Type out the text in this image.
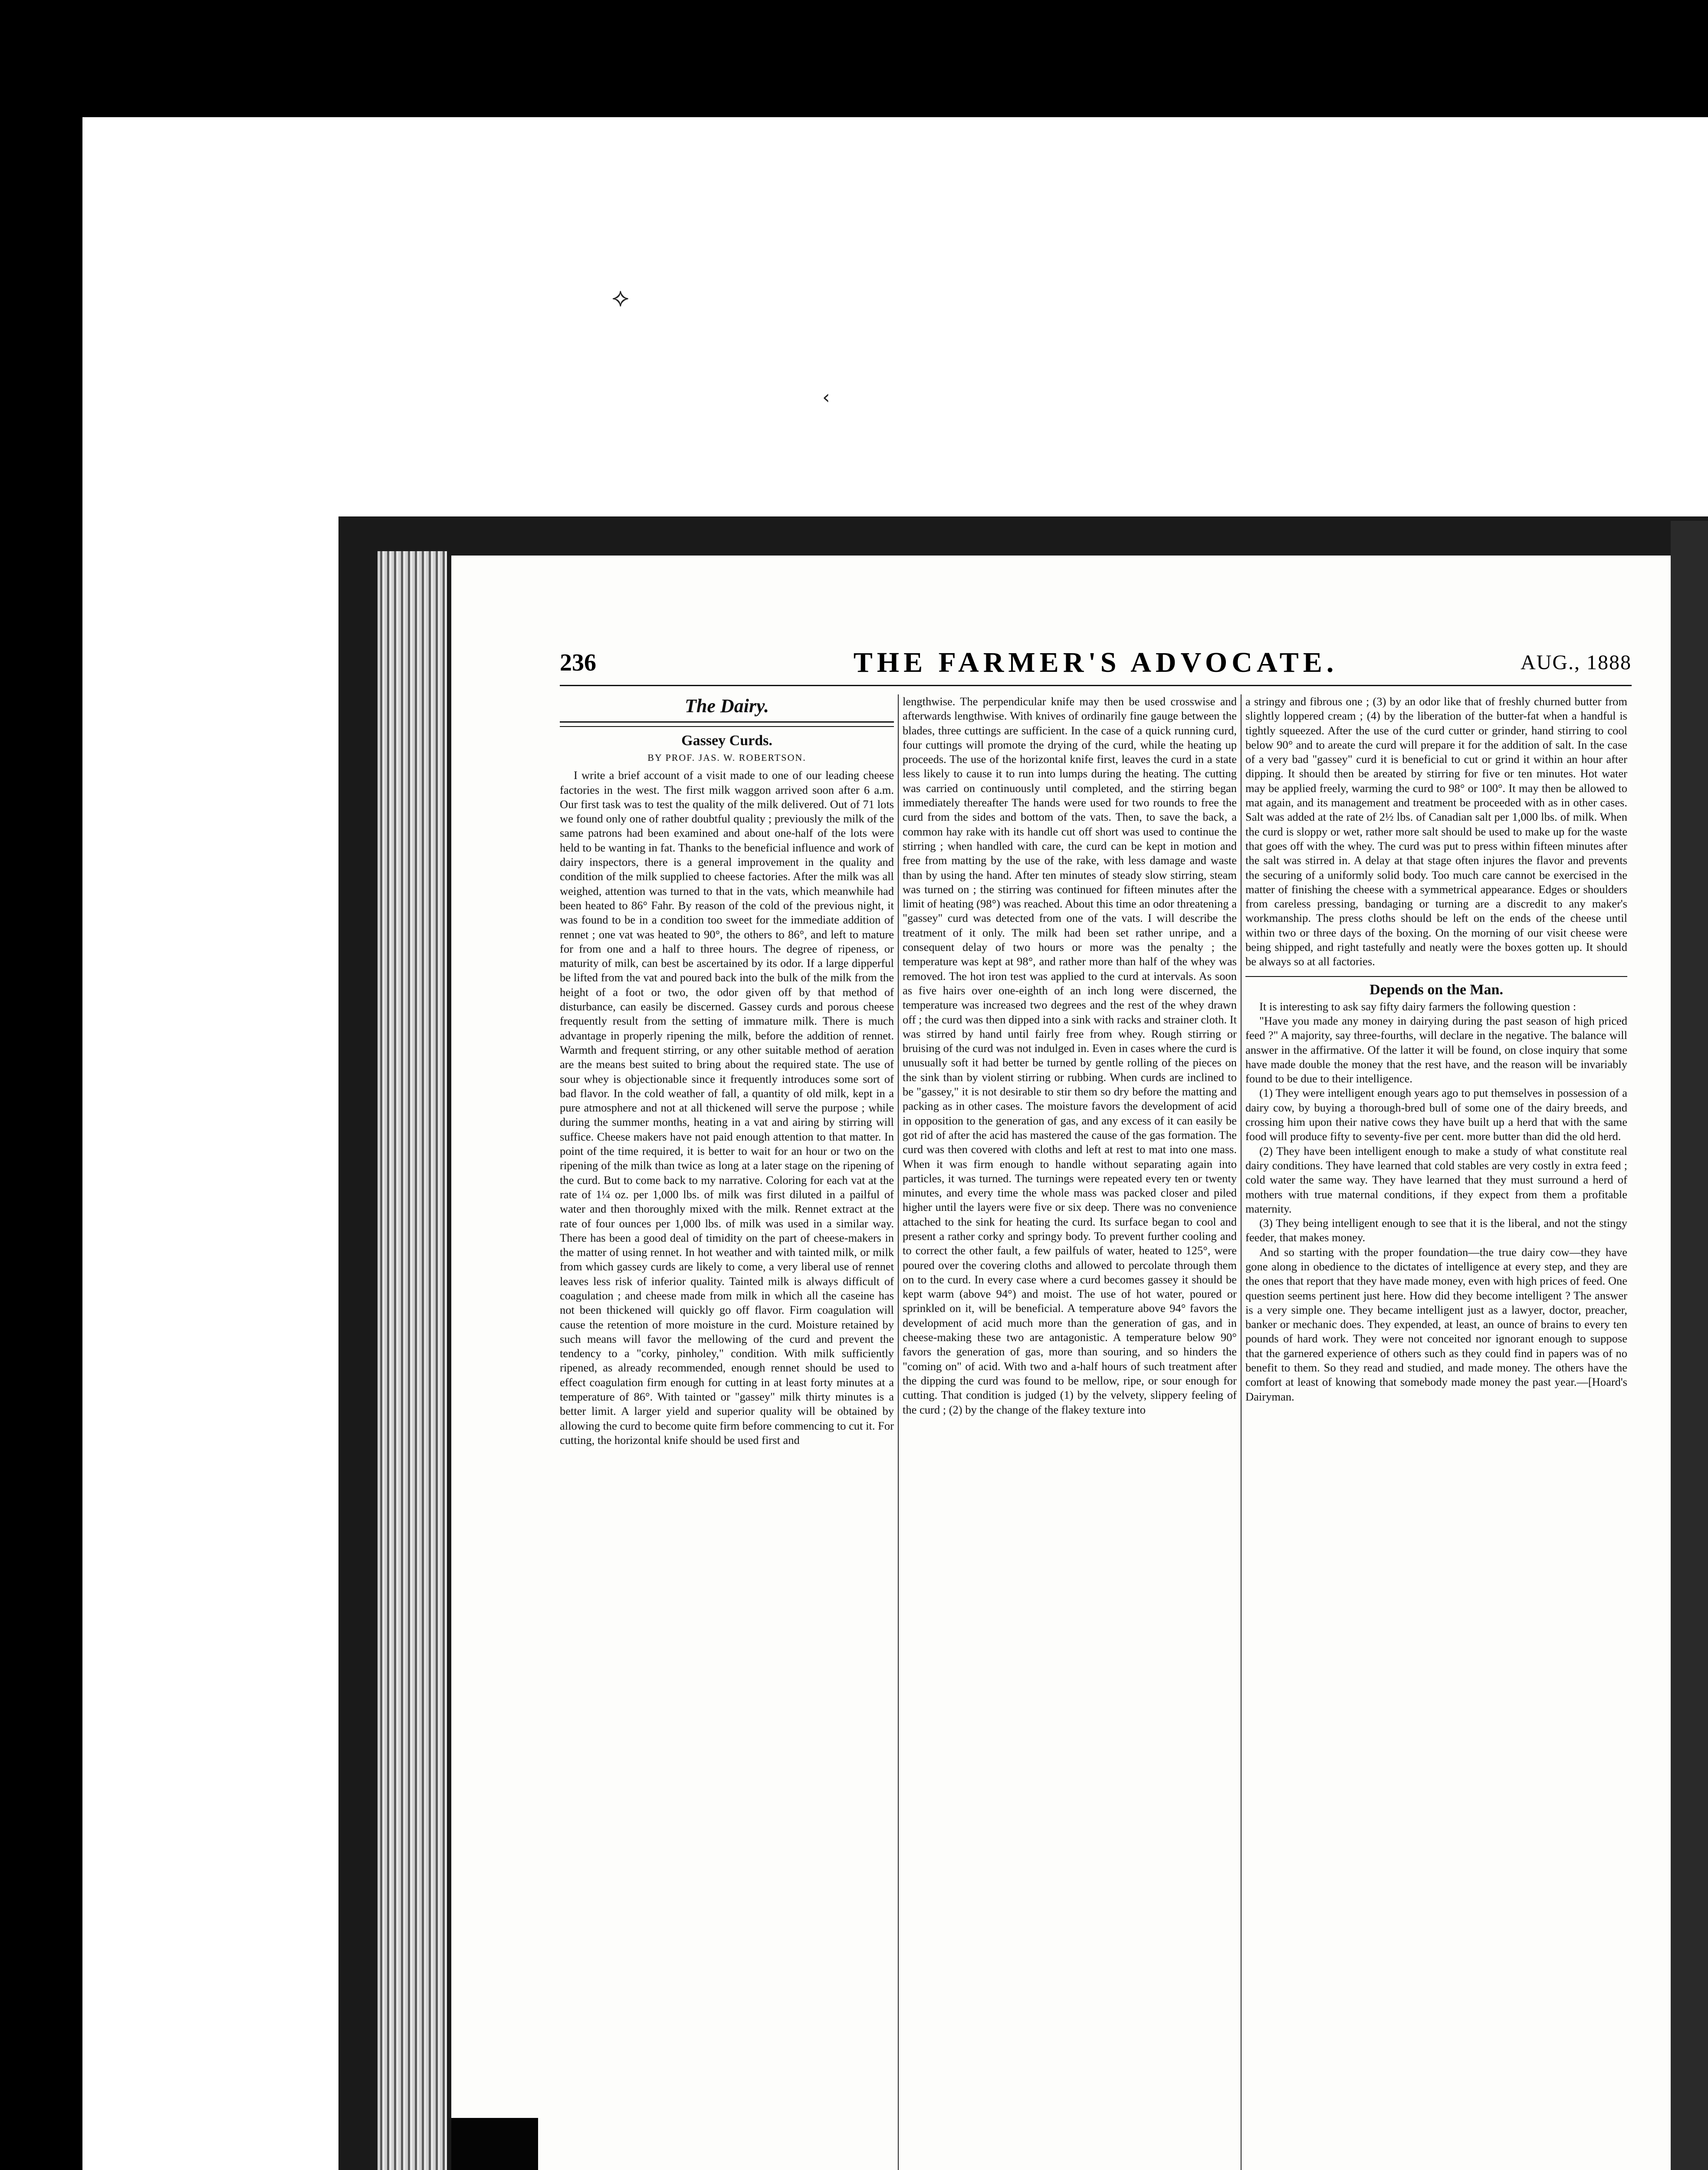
⟡
‹
236	THE FARMER'S ADVOCATE.	AUG., 1888
The Dairy.
Gassey Curds.
BY PROF. JAS. W. ROBERTSON.

I write a brief account of a visit made to one of our leading cheese factories in the west. The first milk waggon arrived soon after 6 a.m. Our first task was to test the quality of the milk delivered. Out of 71 lots we found only one of rather doubtful quality ; previously the milk of the same patrons had been examined and about one-half of the lots were held to be wanting in fat. Thanks to the beneficial influence and work of dairy inspectors, there is a general improvement in the quality and condition of the milk supplied to cheese factories. After the milk was all weighed, attention was turned to that in the vats, which meanwhile had been heated to 86° Fahr. By reason of the cold of the previous night, it was found to be in a condition too sweet for the immediate addition of rennet ; one vat was heated to 90°, the others to 86°, and left to mature for from one and a half to three hours. The degree of ripeness, or maturity of milk, can best be ascertained by its odor. If a large dipperful be lifted from the vat and poured back into the bulk of the milk from the height of a foot or two, the odor given off by that method of disturbance, can easily be discerned. Gassey curds and porous cheese frequently result from the setting of immature milk. There is much advantage in properly ripening the milk, before the addition of rennet. Warmth and frequent stirring, or any other suitable method of aeration are the means best suited to bring about the required state. The use of sour whey is objectionable since it frequently introduces some sort of bad flavor. In the cold weather of fall, a quantity of old milk, kept in a pure atmosphere and not at all thickened will serve the purpose ; while during the summer months, heating in a vat and airing by stirring will suffice. Cheese makers have not paid enough attention to that matter. In point of the time required, it is better to wait for an hour or two on the ripening of the milk than twice as long at a later stage on the ripening of the curd. But to come back to my narrative. Coloring for each vat at the rate of 1¼ oz. per 1,000 lbs. of milk was first diluted in a pailful of water and then thoroughly mixed with the milk. Rennet extract at the rate of four ounces per 1,000 lbs. of milk was used in a similar way. There has been a good deal of timidity on the part of cheese-makers in the matter of using rennet. In hot weather and with tainted milk, or milk from which gassey curds are likely to come, a very liberal use of rennet leaves less risk of inferior quality. Tainted milk is always difficult of coagulation ; and cheese made from milk in which all the caseine has not been thickened will quickly go off flavor. Firm coagulation will cause the retention of more moisture in the curd. Moisture retained by such means will favor the mellowing of the curd and prevent the tendency to a "corky, pinholey," condition. With milk sufficiently ripened, as already recommended, enough rennet should be used to effect coagulation firm enough for cutting in at least forty minutes at a temperature of 86°. With tainted or "gassey" milk thirty minutes is a better limit. A larger yield and superior quality will be obtained by allowing the curd to become quite firm before commencing to cut it. For cutting, the horizontal knife should be used first and

lengthwise. The perpendicular knife may then be used crosswise and afterwards lengthwise. With knives of ordinarily fine gauge between the blades, three cuttings are sufficient. In the case of a quick running curd, four cuttings will promote the drying of the curd, while the heating up proceeds. The use of the horizontal knife first, leaves the curd in a state less likely to cause it to run into lumps during the heating. The cutting was carried on continuously until completed, and the stirring began immediately thereafter The hands were used for two rounds to free the curd from the sides and bottom of the vats. Then, to save the back, a common hay rake with its handle cut off short was used to continue the stirring ; when handled with care, the curd can be kept in motion and free from matting by the use of the rake, with less damage and waste than by using the hand. After ten minutes of steady slow stirring, steam was turned on ; the stirring was continued for fifteen minutes after the limit of heating (98°) was reached. About this time an odor threatening a "gassey" curd was detected from one of the vats. I will describe the treatment of it only. The milk had been set rather unripe, and a consequent delay of two hours or more was the penalty ; the temperature was kept at 98°, and rather more than half of the whey was removed. The hot iron test was applied to the curd at intervals. As soon as five hairs over one-eighth of an inch long were discerned, the temperature was increased two degrees and the rest of the whey drawn off ; the curd was then dipped into a sink with racks and strainer cloth. It was stirred by hand until fairly free from whey. Rough stirring or bruising of the curd was not indulged in. Even in cases where the curd is unusually soft it had better be turned by gentle rolling of the pieces on the sink than by violent stirring or rubbing. When curds are inclined to be "gassey," it is not desirable to stir them so dry before the matting and packing as in other cases. The moisture favors the development of acid in opposition to the generation of gas, and any excess of it can easily be got rid of after the acid has mastered the cause of the gas formation. The curd was then covered with cloths and left at rest to mat into one mass. When it was firm enough to handle without separating again into particles, it was turned. The turnings were repeated every ten or twenty minutes, and every time the whole mass was packed closer and piled higher until the layers were five or six deep. There was no convenience attached to the sink for heating the curd. Its surface began to cool and present a rather corky and springy body. To prevent further cooling and to correct the other fault, a few pailfuls of water, heated to 125°, were poured over the covering cloths and allowed to percolate through them on to the curd. In every case where a curd becomes gassey it should be kept warm (above 94°) and moist. The use of hot water, poured or sprinkled on it, will be beneficial. A temperature above 94° favors the development of acid much more than the generation of gas, and in cheese-making these two are antagonistic. A temperature below 90° favors the generation of gas, more than souring, and so hinders the "coming on" of acid. With two and a-half hours of such treatment after the dipping the curd was found to be mellow, ripe, or sour enough for cutting. That condition is judged (1) by the velvety, slippery feeling of the curd ; (2) by the change of the flakey texture into

a stringy and fibrous one ; (3) by an odor like that of freshly churned butter from slightly loppered cream ; (4) by the liberation of the butter-fat when a handful is tightly squeezed. After the use of the curd cutter or grinder, hand stirring to cool below 90° and to areate the curd will prepare it for the addition of salt. In the case of a very bad "gassey" curd it is beneficial to cut or grind it within an hour after dipping. It should then be areated by stirring for five or ten minutes. Hot water may be applied freely, warming the curd to 98° or 100°. It may then be allowed to mat again, and its management and treatment be proceeded with as in other cases. Salt was added at the rate of 2½ lbs. of Canadian salt per 1,000 lbs. of milk. When the curd is sloppy or wet, rather more salt should be used to make up for the waste that goes off with the whey. The curd was put to press within fifteen minutes after the salt was stirred in. A delay at that stage often injures the flavor and prevents the securing of a uniformly solid body. Too much care cannot be exercised in the matter of finishing the cheese with a symmetrical appearance. Edges or shoulders from careless pressing, bandaging or turning are a discredit to any maker's workmanship. The press cloths should be left on the ends of the cheese until within two or three days of the boxing. On the morning of our visit cheese were being shipped, and right tastefully and neatly were the boxes gotten up. It should be always so at all factories.

Depends on the Man.

It is interesting to ask say fifty dairy farmers the following question :

"Have you made any money in dairying during the past season of high priced feed ?" A majority, say three-fourths, will declare in the negative. The balance will answer in the affirmative. Of the latter it will be found, on close inquiry that some have made double the money that the rest have, and the reason will be invariably found to be due to their intelligence.

(1) They were intelligent enough years ago to put themselves in possession of a dairy cow, by buying a thorough-bred bull of some one of the dairy breeds, and crossing him upon their native cows they have built up a herd that with the same food will produce fifty to seventy-five per cent. more butter than did the old herd.

(2) They have been intelligent enough to make a study of what constitute real dairy conditions. They have learned that cold stables are very costly in extra feed ; cold water the same way. They have learned that they must surround a herd of mothers with true maternal conditions, if they expect from them a profitable maternity.

(3) They being intelligent enough to see that it is the liberal, and not the stingy feeder, that makes money.

And so starting with the proper foundation—the true dairy cow—they have gone along in obedience to the dictates of intelligence at every step, and they are the ones that report that they have made money, even with high prices of feed. One question seems pertinent just here. How did they become intelligent ? The answer is a very simple one. They became intelligent just as a lawyer, doctor, preacher, banker or mechanic does. They expended, at least, an ounce of brains to every ten pounds of hard work. They were not conceited nor ignorant enough to suppose that the garnered experience of others such as they could find in papers was of no benefit to them. So they read and studied, and made money. The others have the comfort at least of knowing that somebody made money the past year.—[Hoard's Dairyman.
